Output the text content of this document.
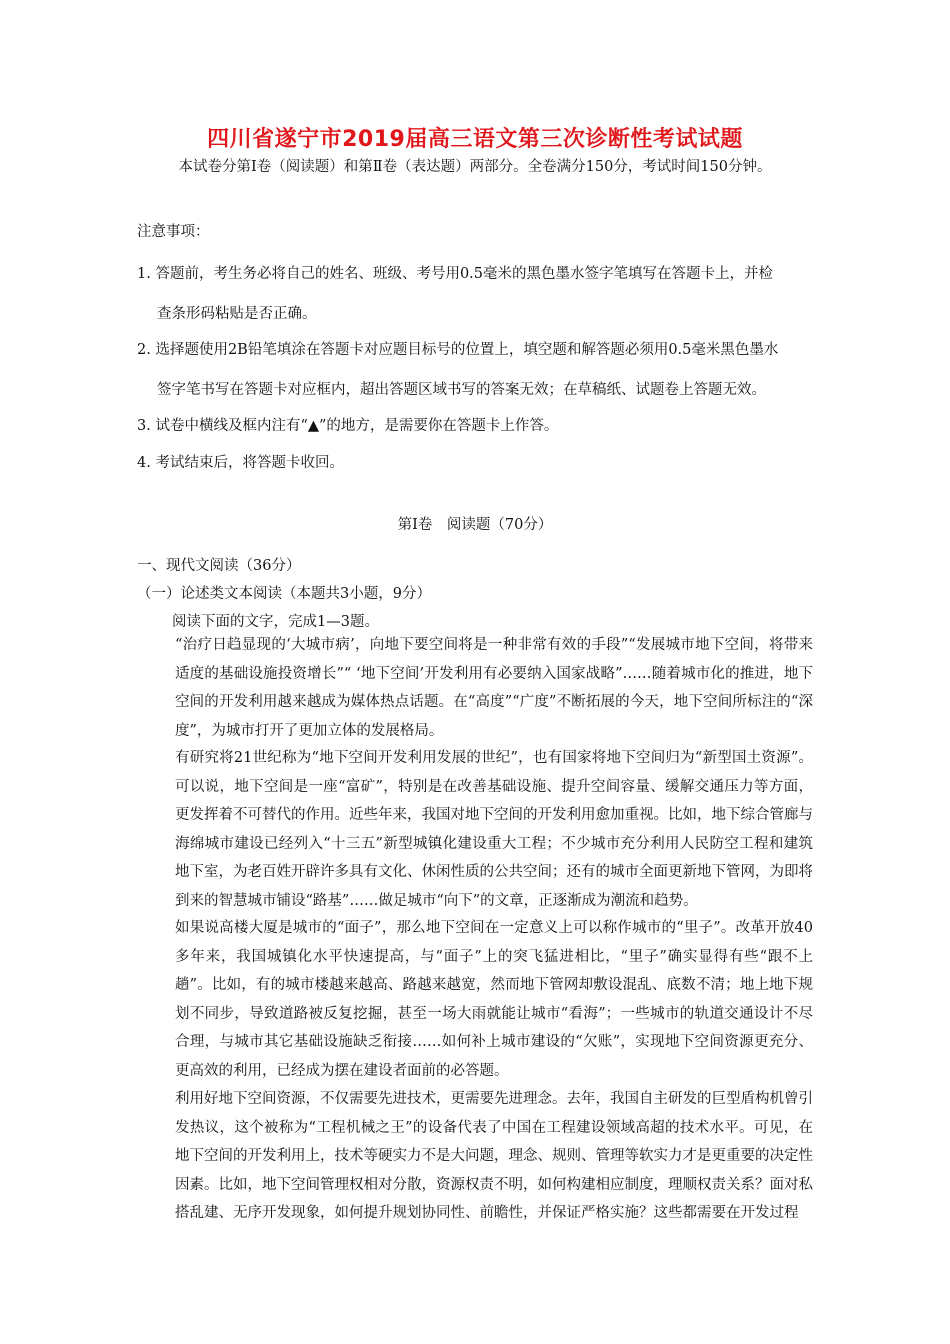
四川省遂宁市2019届高三语文第三次诊断性考试试题
本试卷分第Ⅰ卷（阅读题）和第Ⅱ卷（表达题）两部分。全卷满分150分，考试时间150分钟。
注意事项：
1. 答题前，考生务必将自己的姓名、班级、考号用0.5毫米的黑色墨水签字笔填写在答题卡上，并检
查条形码粘贴是否正确。
2. 选择题使用2B铅笔填涂在答题卡对应题目标号的位置上，填空题和解答题必须用0.5毫米黑色墨水
签字笔书写在答题卡对应框内，超出答题区域书写的答案无效；在草稿纸、试题卷上答题无效。
3. 试卷中横线及框内注有“▲”的地方，是需要你在答题卡上作答。
4. 考试结束后，将答题卡收回。
第Ⅰ卷　阅读题（70分）
一、现代文阅读（36分）
（一）论述类文本阅读（本题共3小题，9分）
阅读下面的文字，完成1—3题。
“治疗日趋显现的‘大城市病’，向地下要空间将是一种非常有效的手段”“发展城市地下空间，将带来适度的基础设施投资增长”“ ‘地下空间’开发利用有必要纳入国家战略”……随着城市化的推进，地下空间的开发利用越来越成为媒体热点话题。在“高度”“广度”不断拓展的今天，地下空间所标注的“深度”，为城市打开了更加立体的发展格局。
有研究将21世纪称为“地下空间开发利用发展的世纪”，也有国家将地下空间归为“新型国土资源”。可以说，地下空间是一座“富矿”，特别是在改善基础设施、提升空间容量、缓解交通压力等方面，更发挥着不可替代的作用。近些年来，我国对地下空间的开发利用愈加重视。比如，地下综合管廊与海绵城市建设已经列入“十三五”新型城镇化建设重大工程；不少城市充分利用人民防空工程和建筑地下室，为老百姓开辟许多具有文化、休闲性质的公共空间；还有的城市全面更新地下管网，为即将到来的智慧城市铺设“路基”……做足城市“向下”的文章，正逐渐成为潮流和趋势。
如果说高楼大厦是城市的“面子”，那么地下空间在一定意义上可以称作城市的“里子”。改革开放40多年来，我国城镇化水平快速提高，与“面子”上的突飞猛进相比，“里子”确实显得有些“跟不上趟”。比如，有的城市楼越来越高、路越来越宽，然而地下管网却敷设混乱、底数不清；地上地下规划不同步，导致道路被反复挖掘，甚至一场大雨就能让城市“看海”；一些城市的轨道交通设计不尽合理，与城市其它基础设施缺乏衔接……如何补上城市建设的“欠账”，实现地下空间资源更充分、更高效的利用，已经成为摆在建设者面前的必答题。
利用好地下空间资源，不仅需要先进技术，更需要先进理念。去年，我国自主研发的巨型盾构机曾引发热议，这个被称为“工程机械之王”的设备代表了中国在工程建设领域高超的技术水平。可见，在地下空间的开发利用上，技术等硬实力不是大问题，理念、规则、管理等软实力才是更重要的决定性因素。比如，地下空间管理权相对分散，资源权责不明，如何构建相应制度，理顺权责关系？面对私搭乱建、无序开发现象，如何提升规划协同性、前瞻性，并保证严格实施？这些都需要在开发过程
